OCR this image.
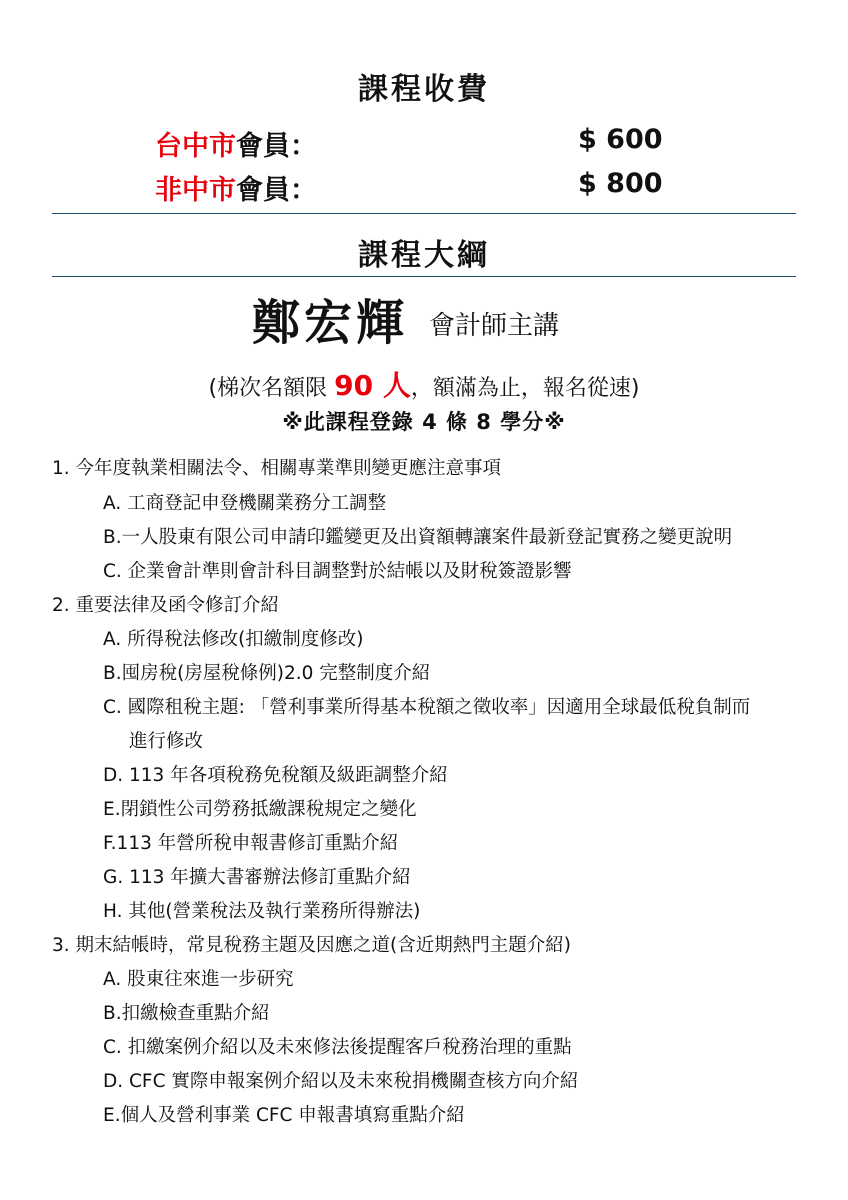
課程收費
台中市會員：	$ 600
非中市會員：	$ 800
課程大綱
鄭宏輝 會計師主講
(梯次名額限 90 人，額滿為止，報名從速)
※此課程登錄 4 條 8 學分※
1. 今年度執業相關法令、相關專業準則變更應注意事項
A. 工商登記申登機關業務分工調整
B.一人股東有限公司申請印鑑變更及出資額轉讓案件最新登記實務之變更說明
C. 企業會計準則會計科目調整對於結帳以及財稅簽證影響
2. 重要法律及函令修訂介紹
A. 所得稅法修改(扣繳制度修改)
B.囤房稅(房屋稅條例)2.0 完整制度介紹
C. 國際租稅主題: 「營利事業所得基本稅額之徵收率」因適用全球最低稅負制而
進行修改
D. 113 年各項稅務免稅額及級距調整介紹
E.閉鎖性公司勞務抵繳課稅規定之變化
F.113 年營所稅申報書修訂重點介紹
G. 113 年擴大書審辦法修訂重點介紹
H. 其他(營業稅法及執行業務所得辦法)
3. 期末結帳時，常見稅務主題及因應之道(含近期熱門主題介紹)
A. 股東往來進一步研究
B.扣繳檢查重點介紹
C. 扣繳案例介紹以及未來修法後提醒客戶稅務治理的重點
D. CFC 實際申報案例介紹以及未來稅捐機關查核方向介紹
E.個人及營利事業 CFC 申報書填寫重點介紹
